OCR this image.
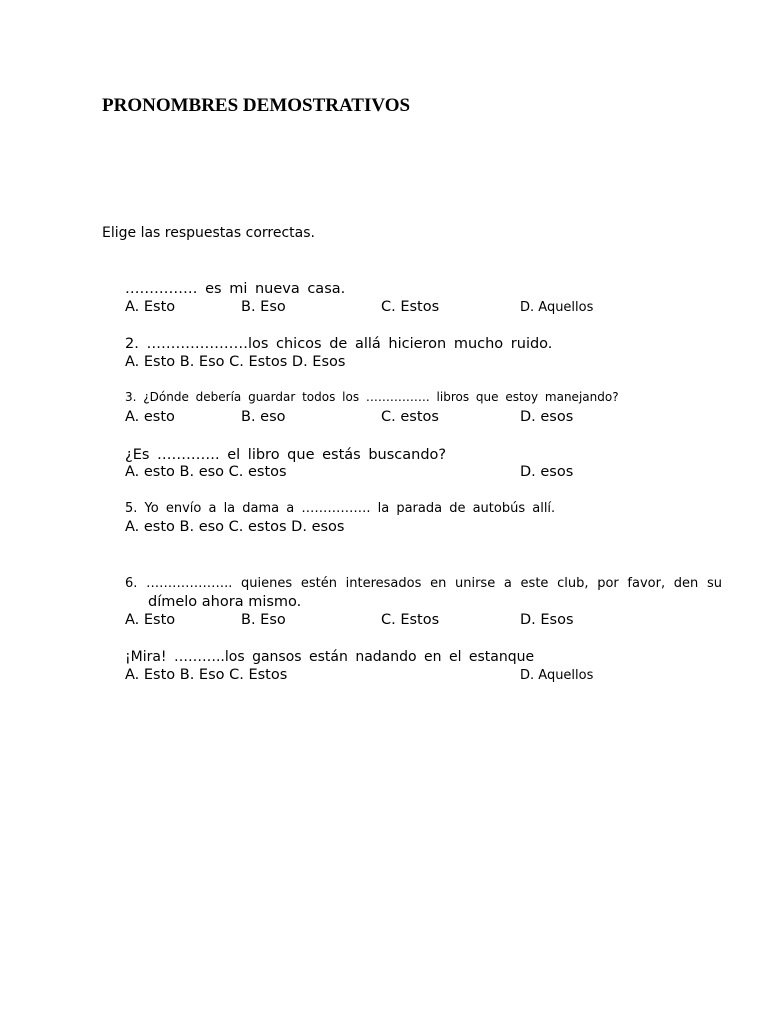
PRONOMBRES DEMOSTRATIVOS
Elige las respuestas correctas.
…………… es mi nueva casa.
A. Esto	B. Eso	C. Estos	D. Aquellos
2. …………………los chicos de allá hicieron mucho ruido.
A. Esto B. Eso C. Estos D. Esos
3. ¿Dónde debería guardar todos los ……………. libros que estoy manejando?
A. esto	B. eso	C. estos	D. esos
¿Es …………. el libro que estás buscando?
A. esto B. eso C. estos	D. esos
5. Yo envío a la dama a ……………. la parada de autobús allí.
A. esto B. eso C. estos D. esos
6. ……………….. quienes estén interesados en unirse a este club, por favor, den su
dímelo ahora mismo.
A. Esto	B. Eso	C. Estos	D. Esos
¡Mira! ………..los gansos están nadando en el estanque
A. Esto B. Eso C. Estos	D. Aquellos
